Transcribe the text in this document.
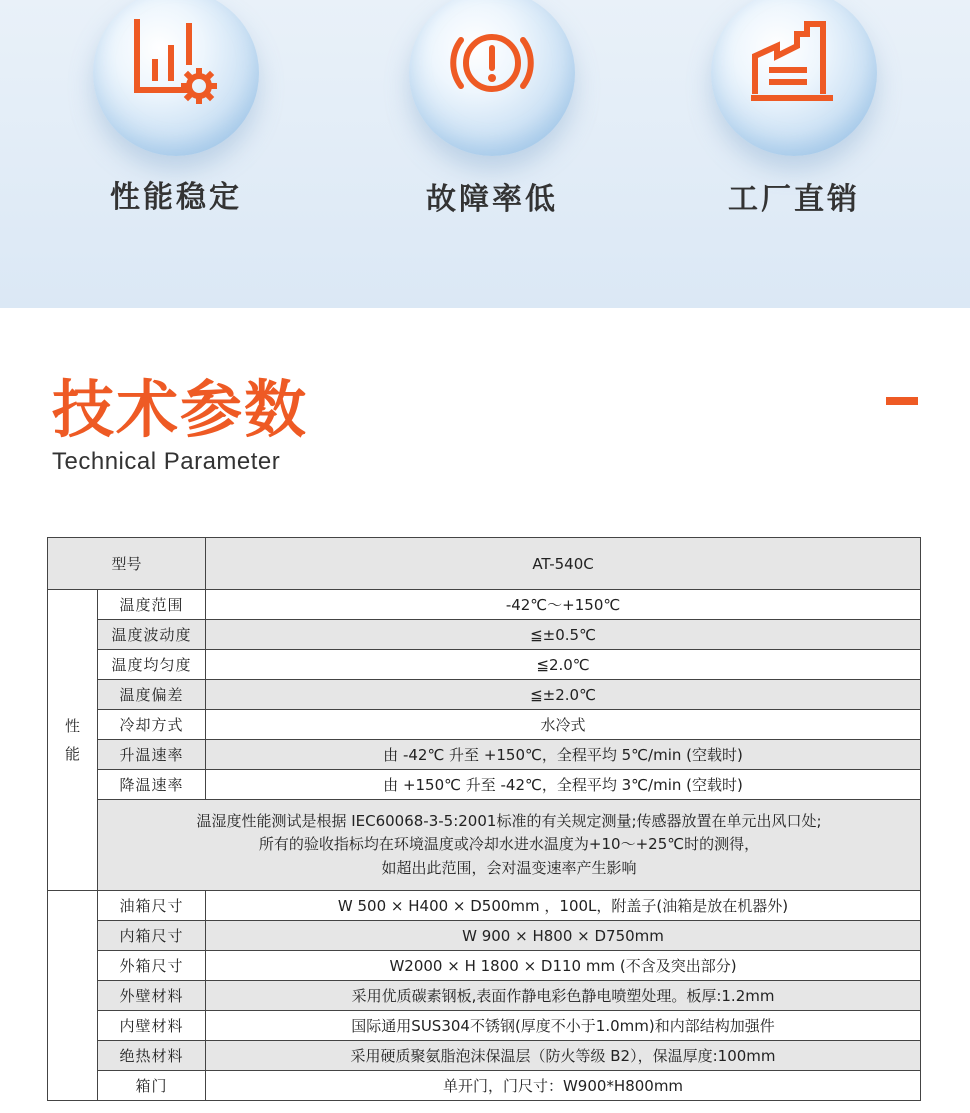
性能稳定	故障率低	工厂直销
技术参数
Technical Parameter
型号		AT-540C
性能	温度范围	-42℃～+150℃
	温度波动度	≦±0.5℃
	温度均匀度	≦2.0℃
	温度偏差	≦±2.0℃
	冷却方式	水冷式
	升温速率	由 -42℃ 升至 +150℃，全程平均 5℃/min (空载时)
	降温速率	由 +150℃ 升至 -42℃，全程平均 3℃/min (空载时)

	温湿度性能测试是根据 IEC60068-3-5:2001标准的有关规定测量;传感器放置在单元出风口处;
所有的验收指标均在环境温度或冷却水进水温度为+10～+25℃时的测得，
如超出此范围，会对温变速率产生影响	

	油箱尺寸	W 500 × H400 × D500mm ，100L，附盖子(油箱是放在机器外)
	内箱尺寸	W 900 × H800 × D750mm
	外箱尺寸	W2000 × H 1800 × D110 mm (不含及突出部分)
	外壁材料	采用优质碳素钢板,表面作静电彩色静电喷塑处理。板厚:1.2mm
	内壁材料	国际通用SUS304不锈钢(厚度不小于1.0mm)和内部结构加强件
	绝热材料	采用硬质聚氨脂泡沫保温层（防火等级 B2），保温厚度:100mm
	箱门	单开门，门尺寸：W900*H800mm
